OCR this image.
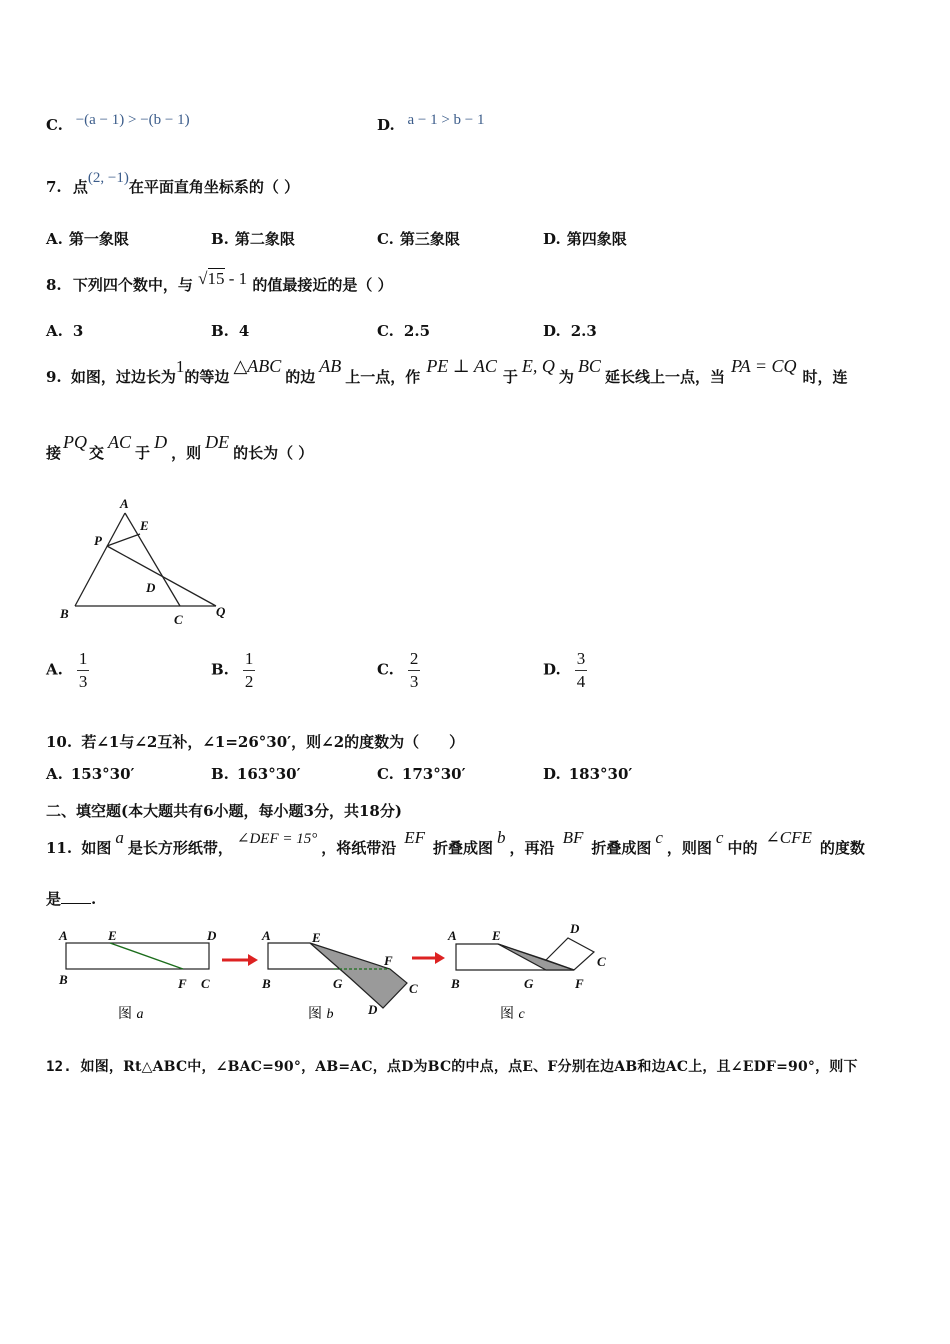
C. −(a − 1) > −(b − 1)	D. a − 1 > b − 1
7. 点(2, −1)在平面直角坐标系的（ ）
A. 第一象限	B. 第二象限	C. 第三象限	D. 第四象限
8. 下列四个数中，与 √15 - 1 的值最接近的是（ ）
A. 3	B. 4	C. 2.5	D. 2.3
9. 如图，过边长为1的等边△ABC的边AB上一点，作PE ⊥ AC于E, Q为BC延长线上一点，当PA = CQ时，连
接PQ交AC于D，则DE的长为（ ）
A
E
P
D
B	C
Q
A. $\frac{1}{3}$	B. $\frac{1}{2}$	C. $\frac{2}{3}$	D. $\frac{3}{4}$
10. 若∠1与∠2互补，∠1=26°30′，则∠2的度数为（　　）
A. 153°30′	B. 163°30′	C. 173°30′	D. 183°30′
二、填空题(本大题共有6小题，每小题3分，共18分)
11. 如图a是长方形纸带， ∠DEF = 15° ，将纸带沿EF折叠成图b，再沿BF折叠成图c，则图c中的∠CFE的度数
是 .
A	E	D
B	F C
图 a
A	E
F
B	G	C
D
图 b
A	E	D
C
B	G	F
图 c
12. 如图，Rt△ABC中，∠BAC=90°，AB=AC，点D为BC的中点，点E、F分别在边AB和边AC上，且∠EDF=90°，则下
